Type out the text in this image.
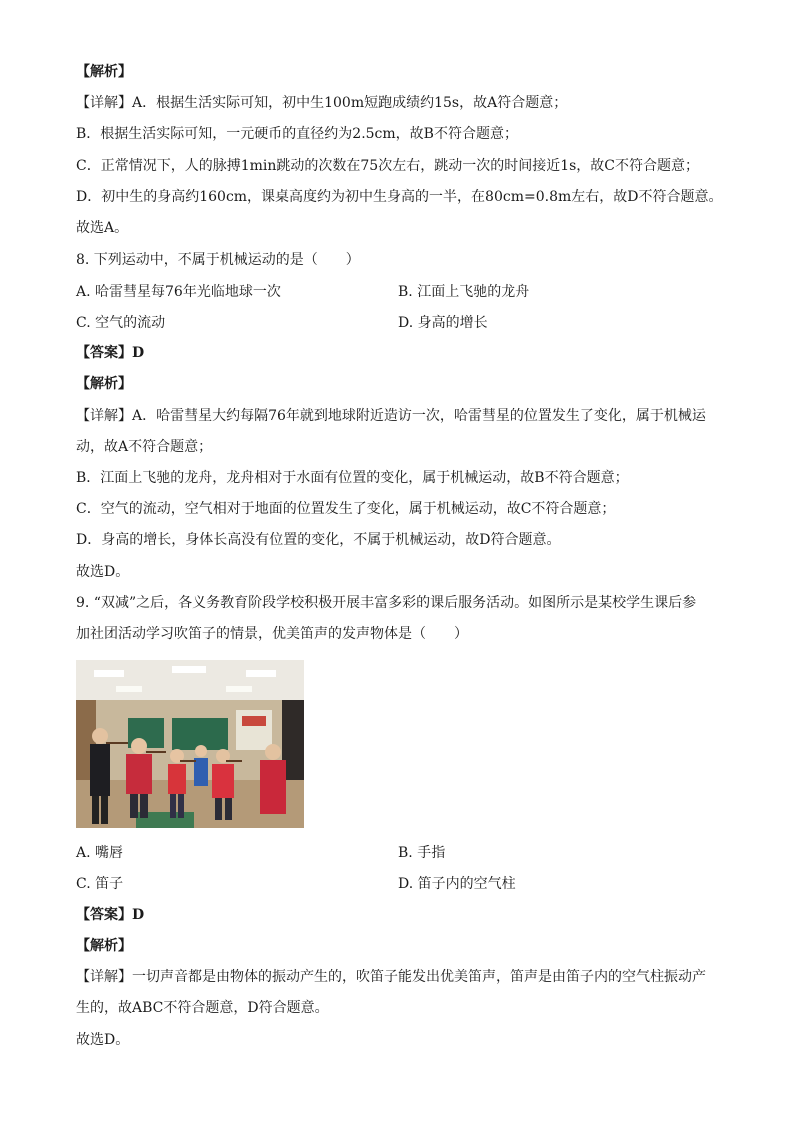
【解析】
【详解】A．根据生活实际可知，初中生100m短跑成绩约15s，故A符合题意；
B．根据生活实际可知，一元硬币的直径约为2.5cm，故B不符合题意；
C．正常情况下，人的脉搏1min跳动的次数在75次左右，跳动一次的时间接近1s，故C不符合题意；
D．初中生的身高约160cm，课桌高度约为初中生身高的一半，在80cm=0.8m左右，故D不符合题意。
故选A。
8. 下列运动中，不属于机械运动的是（　　）
A. 哈雷彗星每76年光临地球一次	B. 江面上飞驰的龙舟
C. 空气的流动	D. 身高的增长
【答案】D
【解析】
【详解】A．哈雷彗星大约每隔76年就到地球附近造访一次，哈雷彗星的位置发生了变化，属于机械运
动，故A不符合题意；
B．江面上飞驰的龙舟，龙舟相对于水面有位置的变化，属于机械运动，故B不符合题意；
C．空气的流动，空气相对于地面的位置发生了变化，属于机械运动，故C不符合题意；
D．身高的增长，身体长高没有位置的变化，不属于机械运动，故D符合题意。
故选D。
9. “双减”之后，各义务教育阶段学校积极开展丰富多彩的课后服务活动。如图所示是某校学生课后参
加社团活动学习吹笛子的情景，优美笛声的发声物体是（　　）
A. 嘴唇	B. 手指
C. 笛子	D. 笛子内的空气柱
【答案】D
【解析】
【详解】一切声音都是由物体的振动产生的，吹笛子能发出优美笛声，笛声是由笛子内的空气柱振动产
生的，故ABC不符合题意，D符合题意。
故选D。
